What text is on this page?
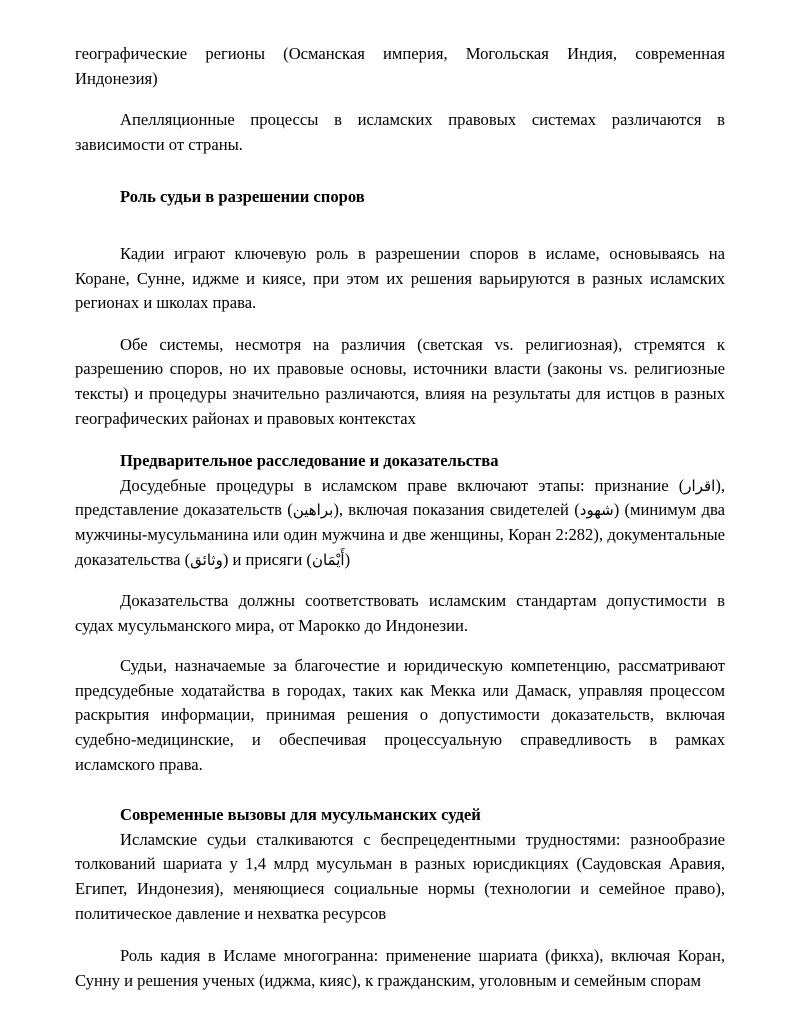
географические регионы (Османская империя, Могольская Индия, современная Индонезия)

Апелляционные процессы в исламских правовых системах различаются в зависимости от страны.

Роль судьи в разрешении споров

Кадии играют ключевую роль в разрешении споров в исламе, основываясь на Коране, Сунне, иджме и киясе, при этом их решения варьируются в разных исламских регионах и школах права.

Обе системы, несмотря на различия (светская vs. религиозная), стремятся к разрешению споров, но их правовые основы, источники власти (законы vs. религиозные тексты) и процедуры значительно различаются, влияя на результаты для истцов в разных географических районах и правовых контекстах

Предварительное расследование и доказательства

Досудебные процедуры в исламском праве включают этапы: признание (اقرار), представление доказательств (براهين), включая показания свидетелей (شهود) (минимум два мужчины-мусульманина или один мужчина и две женщины, Коран 2:282), документальные доказательства (وثائق) и присяги (أَيْمَان)

Доказательства должны соответствовать исламским стандартам допустимости в судах мусульманского мира, от Марокко до Индонезии.

Судьи, назначаемые за благочестие и юридическую компетенцию, рассматривают предсудебные ходатайства в городах, таких как Мекка или Дамаск, управляя процессом раскрытия информации, принимая решения о допустимости доказательств, включая судебно-медицинские, и обеспечивая процессуальную справедливость в рамках исламского права.

Современные вызовы для мусульманских судей

Исламские судьи сталкиваются с беспрецедентными трудностями: разнообразие толкований шариата у 1,4 млрд мусульман в разных юрисдикциях (Саудовская Аравия, Египет, Индонезия), меняющиеся социальные нормы (технологии и семейное право), политическое давление и нехватка ресурсов

Роль кадия в Исламе многогранна: применение шариата (фикха), включая Коран, Сунну и решения ученых (иджма, кияс), к гражданским, уголовным и семейным спорам
